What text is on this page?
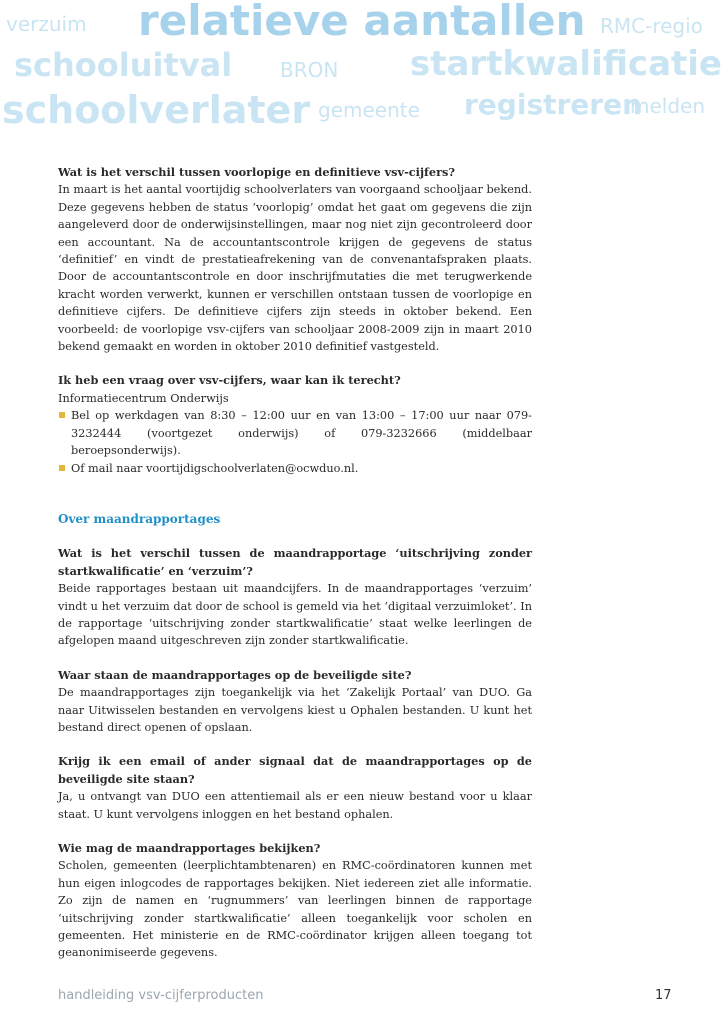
verzuim relatieve aantallen RMC-regio
schooluitval BRON startkwalificatie
schoolverlater gemeente registreren
melden

Wat is het verschil tussen voorlopige en definitieve vsv-cijfers?

In maart is het aantal voortijdig schoolverlaters van voorgaand schooljaar bekend. Deze gegevens hebben de status ‘voorlopig’ omdat het gaat om gegevens die zijn aangeleverd door de onderwijsinstellingen, maar nog niet zijn gecontroleerd door een accountant. Na de accountantscontrole krijgen de gegevens de status ‘definitief’ en vindt de prestatieafrekening van de convenantafspraken plaats. Door de accountantscontrole en door inschrijfmutaties die met terugwerkende kracht worden verwerkt, kunnen er verschillen ontstaan tussen de voorlopige en definitieve cijfers. De definitieve cijfers zijn steeds in oktober bekend. Een voorbeeld: de voorlopige vsv-cijfers van schooljaar 2008-2009 zijn in maart 2010 bekend gemaakt en worden in oktober 2010 definitief vastgesteld.

Ik heb een vraag over vsv-cijfers, waar kan ik terecht?

Informatiecentrum Onderwijs

Bel op werkdagen van 8:30 – 12:00 uur en van 13:00 – 17:00 uur naar 079-3232444 (voortgezet onderwijs) of 079-3232666 (middelbaar beroepsonderwijs).
Of mail naar voortijdigschoolverlaten@ocwduo.nl.

Over maandrapportages

Wat is het verschil tussen de maandrapportage ‘uitschrijving zonder startkwalificatie’ en ‘verzuim’?

Beide rapportages bestaan uit maandcijfers. In de maandrapportages ‘verzuim’ vindt u het verzuim dat door de school is gemeld via het ‘digitaal verzuimloket’. In de rapportage ‘uitschrijving zonder startkwalificatie’ staat welke leerlingen de afgelopen maand uitgeschreven zijn zonder startkwalificatie.

Waar staan de maandrapportages op de beveiligde site?

De maandrapportages zijn toegankelijk via het ‘Zakelijk Portaal’ van DUO. Ga naar Uitwisselen bestanden en vervolgens kiest u Ophalen bestanden. U kunt het bestand direct openen of opslaan.

Krijg ik een email of ander signaal dat de maandrapportages op de beveiligde site staan?

Ja, u ontvangt van DUO een attentiemail als er een nieuw bestand voor u klaar staat. U kunt vervolgens inloggen en het bestand ophalen.

Wie mag de maandrapportages bekijken?

Scholen, gemeenten (leerplichtambtenaren) en RMC-coördinatoren kunnen met hun eigen inlogcodes de rapportages bekijken. Niet iedereen ziet alle informatie. Zo zijn de namen en ‘rugnummers’ van leerlingen binnen de rapportage ‘uitschrijving zonder startkwalificatie’ alleen toegankelijk voor scholen en gemeenten. Het ministerie en de RMC-coördinator krijgen alleen toegang tot geanonimiseerde gegevens.

handleiding vsv-cijferproducten	17
